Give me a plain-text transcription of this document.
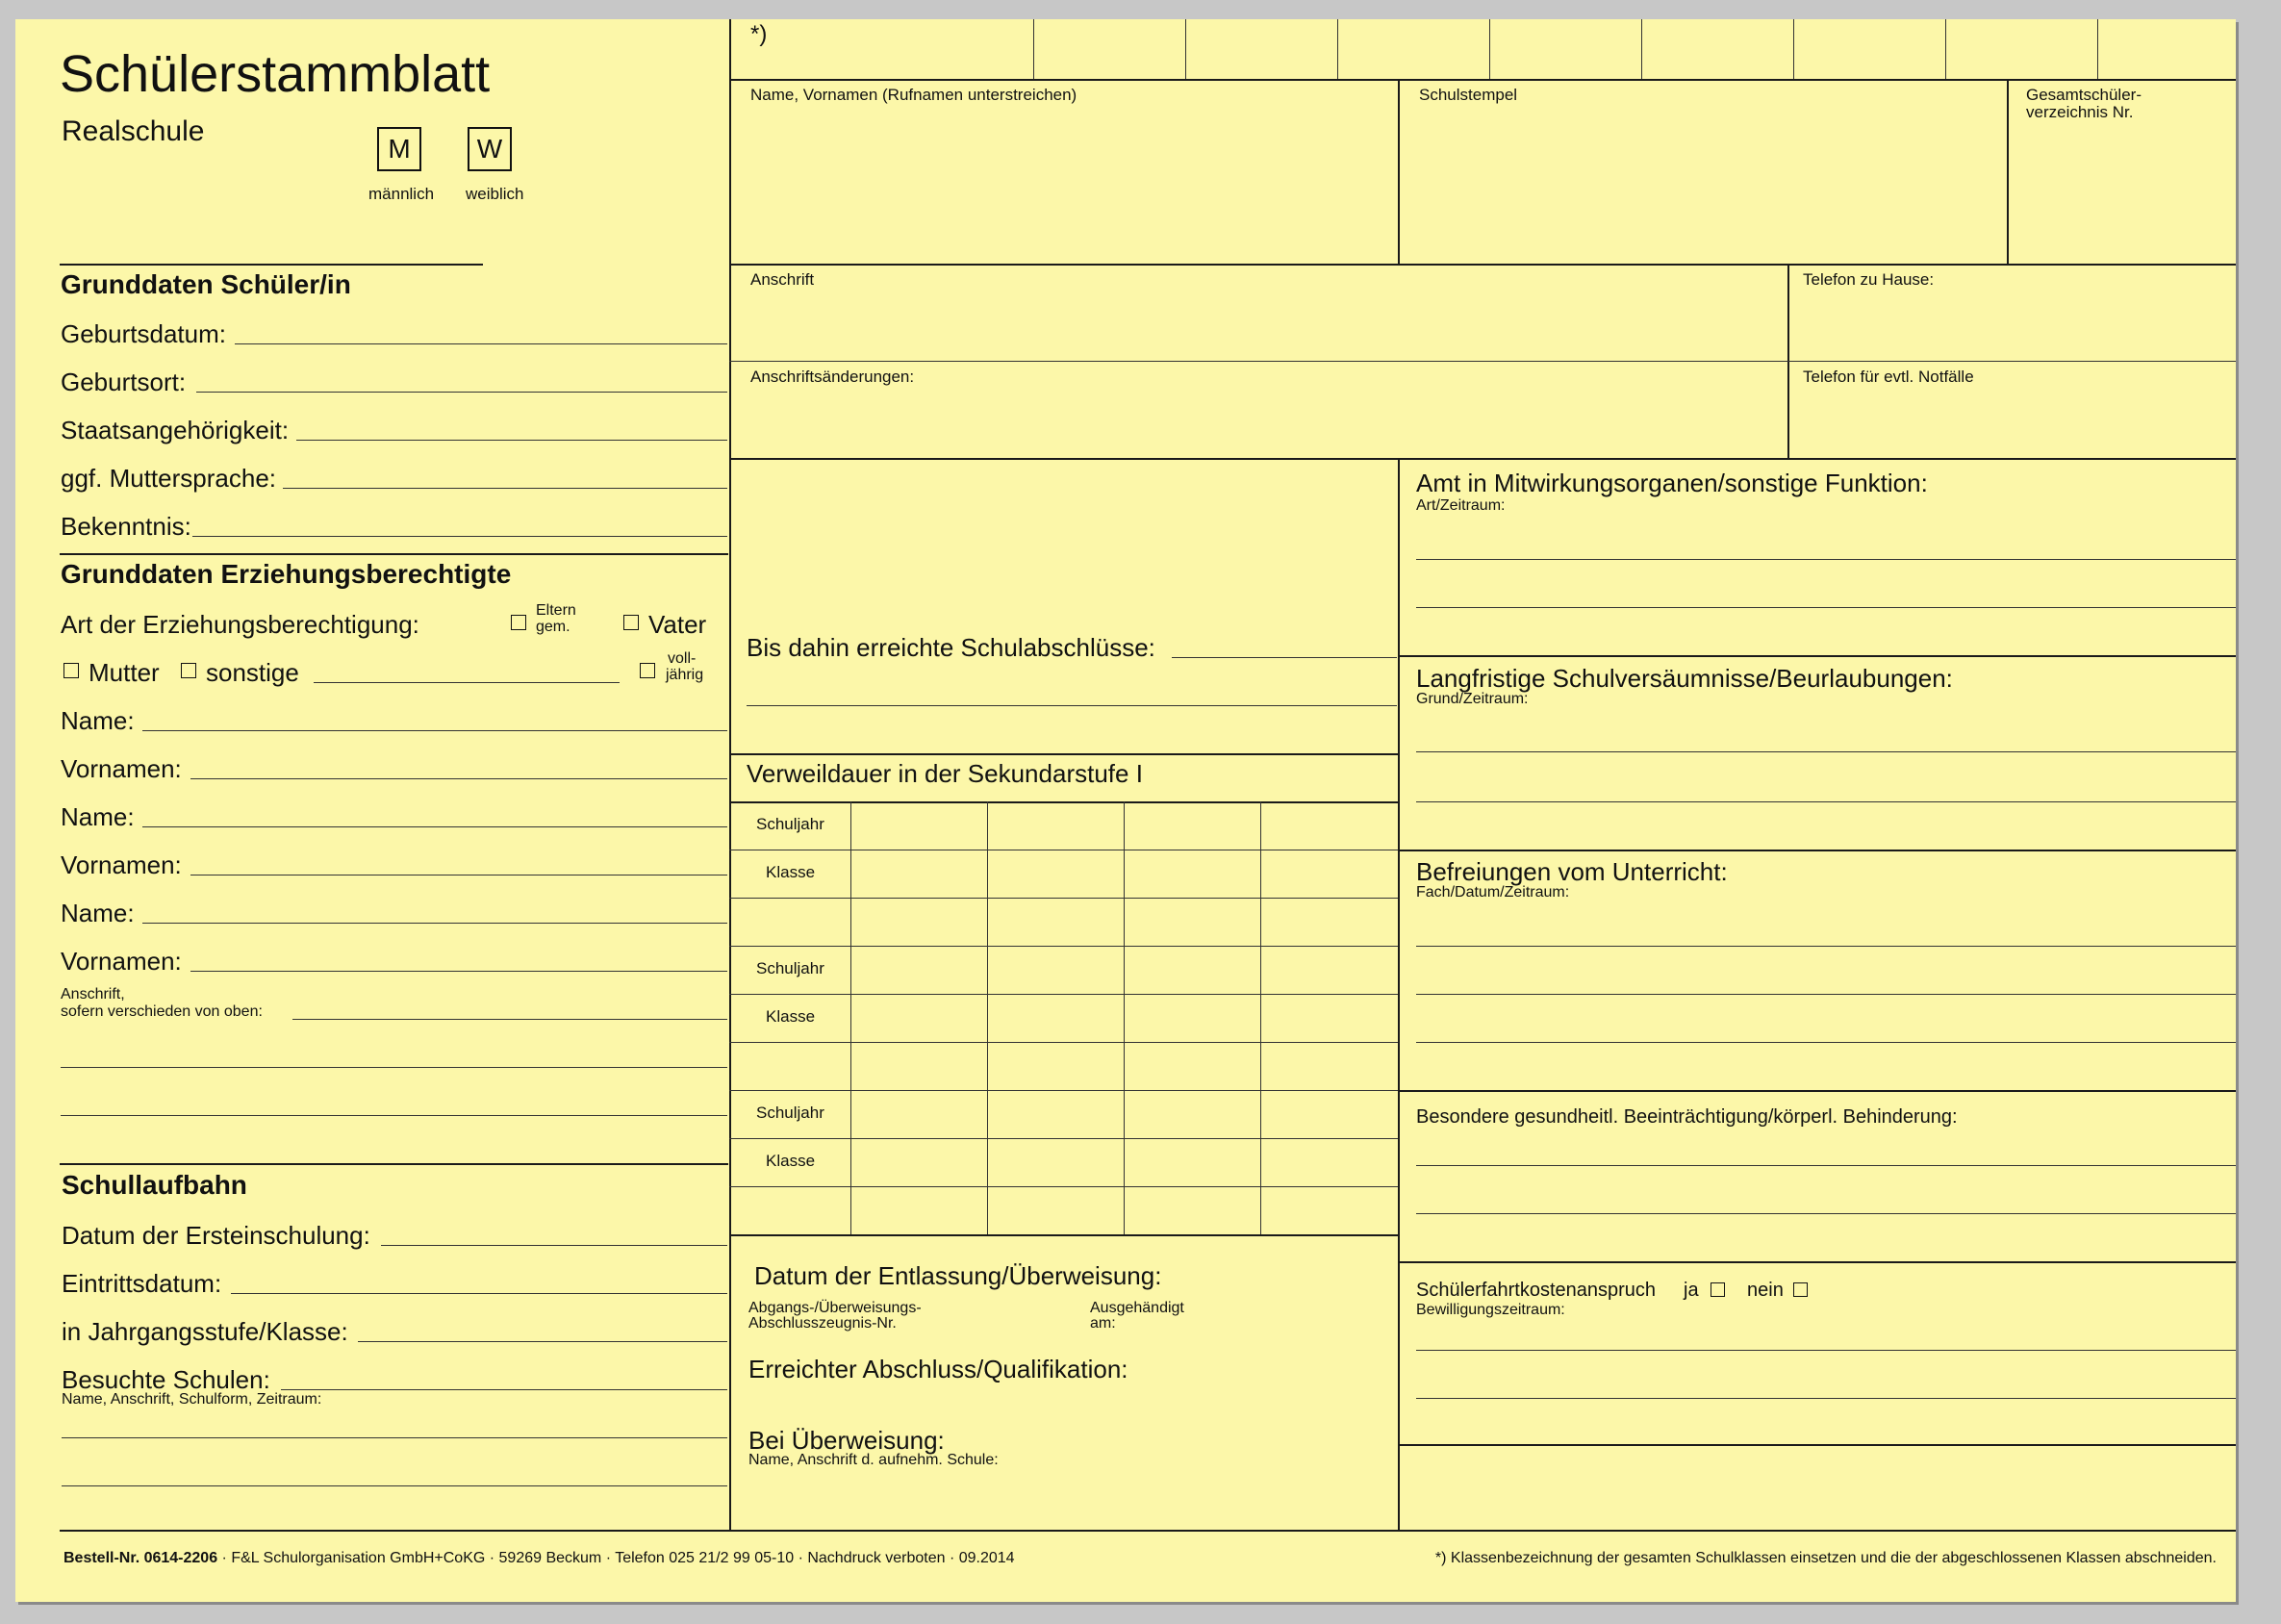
Schülerstammblatt
Realschule
M
männlich
W
weiblich
Grunddaten Schüler/in
Geburtsdatum:
Geburtsort:
Staatsangehörigkeit:
ggf. Muttersprache:
Bekenntnis:
Grunddaten Erziehungsberechtigte
Art der Erziehungsberechtigung:	Eltern
gem.	Vater
Mutter sonstige	voll-
jährig
Name:
Vornamen:
Name:
Vornamen:
Name:
Vornamen:
Anschrift,
sofern verschieden von oben:
Schullaufbahn
Datum der Ersteinschulung:
Eintrittsdatum:
in Jahrgangsstufe/Klasse:
Besuchte Schulen:
Name, Anschrift, Schulform, Zeitraum:
*)
Name, Vornamen (Rufnamen unterstreichen)	Schulstempel	Gesamtschüler-
verzeichnis Nr.
Anschrift	Telefon zu Hause:
Anschriftsänderungen:	Telefon für evtl. Notfälle
Bis dahin erreichte Schulabschlüsse:
Verweildauer in der Sekundarstufe I
Schuljahr
Klasse
Schuljahr
Klasse
Schuljahr
Klasse
Datum der Entlassung/Überweisung:
Abgangs-/Überweisungs-
Abschlusszeugnis-Nr.
Ausgehändigt
am:
Erreichter Abschluss/Qualifikation:
Bei Überweisung:
Name, Anschrift d. aufnehm. Schule:
Amt in Mitwirkungsorganen/sonstige Funktion:
Art/Zeitraum:
Langfristige Schulversäumnisse/Beurlaubungen:
Grund/Zeitraum:
Befreiungen vom Unterricht:
Fach/Datum/Zeitraum:
Besondere gesundheitl. Beeinträchtigung/körperl. Behinderung:
Schülerfahrtkostenanspruch ja	nein
Bewilligungszeitraum:
Bestell-Nr. 0614-2206 · F&L Schulorganisation GmbH+CoKG · 59269 Beckum · Telefon 025 21/2 99 05-10 · Nachdruck verboten · 09.2014	*) Klassenbezeichnung der gesamten Schulklassen einsetzen und die der abgeschlossenen Klassen abschneiden.
